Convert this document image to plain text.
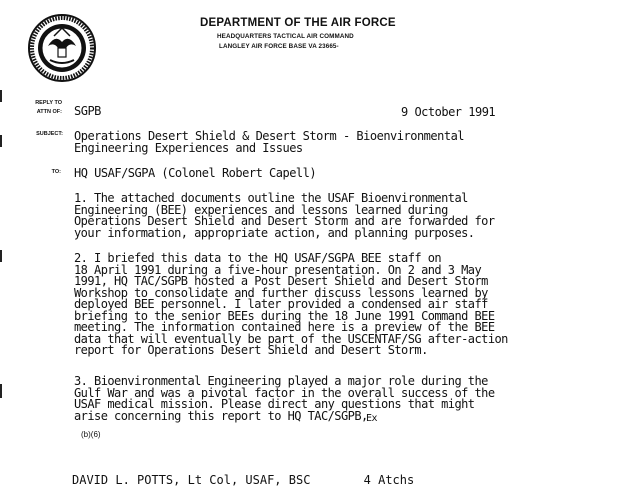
DEPARTMENT OF THE AIR FORCE
HEADQUARTERS TACTICAL AIR COMMAND
LANGLEY AIR FORCE BASE VA 23665-
REPLY TO
ATTN OF:
SUBJECT:
TO:
SGPB	9 October 1991
Operations Desert Shield & Desert Storm - Bioenvironmental
Engineering Experiences and Issues
HQ USAF/SGPA (Colonel Robert Capell)
1. The attached documents outline the USAF Bioenvironmental
Engineering (BEE) experiences and lessons learned during
Operations Desert Shield and Desert Storm and are forwarded for
your information, appropriate action, and planning purposes.
2. I briefed this data to the HQ USAF/SGPA BEE staff on
18 April 1991 during a five-hour presentation. On 2 and 3 May
1991, HQ TAC/SGPB hosted a Post Desert Shield and Desert Storm
Workshop to consolidate and further discuss lessons learned by
deployed BEE personnel. I later provided a condensed air staff
briefing to the senior BEEs during the 18 June 1991 Command BEE
meeting. The information contained here is a preview of the BEE
data that will eventually be part of the USCENTAF/SG after-action
report for Operations Desert Shield and Desert Storm.
3. Bioenvironmental Engineering played a major role during the
Gulf War and was a pivotal factor in the overall success of the
USAF medical mission. Please direct any questions that might
arise concerning this report to HQ TAC/SGPB,
Ex
(b)(6)
DAVID L. POTTS, Lt Col, USAF, BSC	4 Atchs
